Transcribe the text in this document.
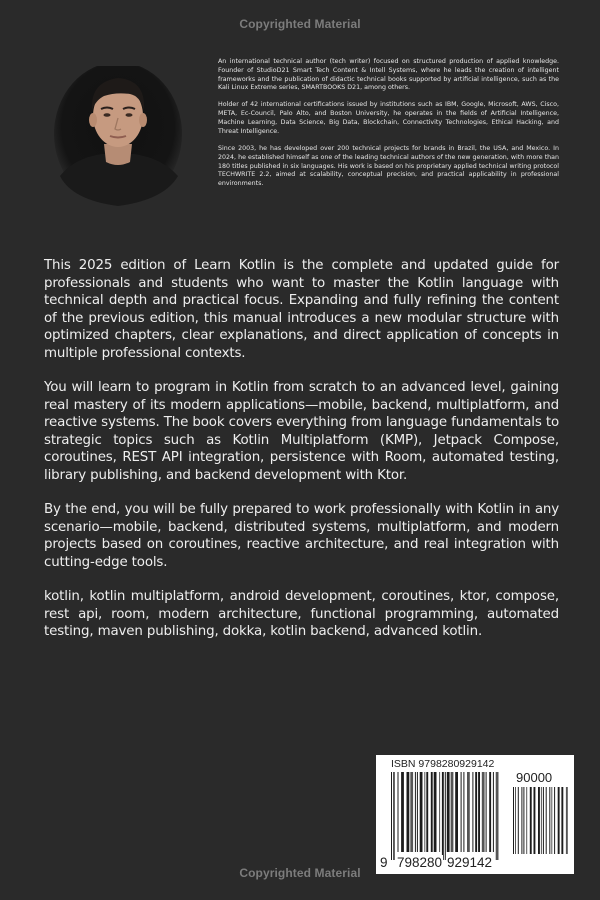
Copyrighted Material

An international technical author (tech writer) focused on structured production of applied knowledge. Founder of StudioD21 Smart Tech Content & Intell Systems, where he leads the creation of intelligent frameworks and the publication of didactic technical books supported by artificial intelligence, such as the Kali Linux Extreme series, SMARTBOOKS D21, among others.

Holder of 42 international certifications issued by institutions such as IBM, Google, Microsoft, AWS, Cisco, META, Ec-Council, Palo Alto, and Boston University, he operates in the fields of Artificial Intelligence, Machine Learning, Data Science, Big Data, Blockchain, Connectivity Technologies, Ethical Hacking, and Threat Intelligence.

Since 2003, he has developed over 200 technical projects for brands in Brazil, the USA, and Mexico. In 2024, he established himself as one of the leading technical authors of the new generation, with more than 180 titles published in six languages. His work is based on his proprietary applied technical writing protocol TECHWRITE 2.2, aimed at scalability, conceptual precision, and practical applicability in professional environments.

This 2025 edition of Learn Kotlin is the complete and updated guide for professionals and students who want to master the Kotlin language with technical depth and practical focus. Expanding and fully refining the content of the previous edition, this manual introduces a new modular structure with optimized chapters, clear explanations, and direct application of concepts in multiple professional contexts.

You will learn to program in Kotlin from scratch to an advanced level, gaining real mastery of its modern applications—mobile, backend, multiplatform, and reactive systems. The book covers everything from language fundamentals to strategic topics such as Kotlin Multiplatform (KMP), Jetpack Compose, coroutines, REST API integration, persistence with Room, automated testing, library publishing, and backend development with Ktor.

By the end, you will be fully prepared to work professionally with Kotlin in any scenario—mobile, backend, distributed systems, multiplatform, and modern projects based on coroutines, reactive architecture, and real integration with cutting-edge tools.

kotlin, kotlin multiplatform, android development, coroutines, ktor, compose, rest api, room, modern architecture, functional programming, automated testing, maven publishing, dokka, kotlin backend, advanced kotlin.

ISBN 9798280929142
90000
9 798280 929142
Copyrighted Material
